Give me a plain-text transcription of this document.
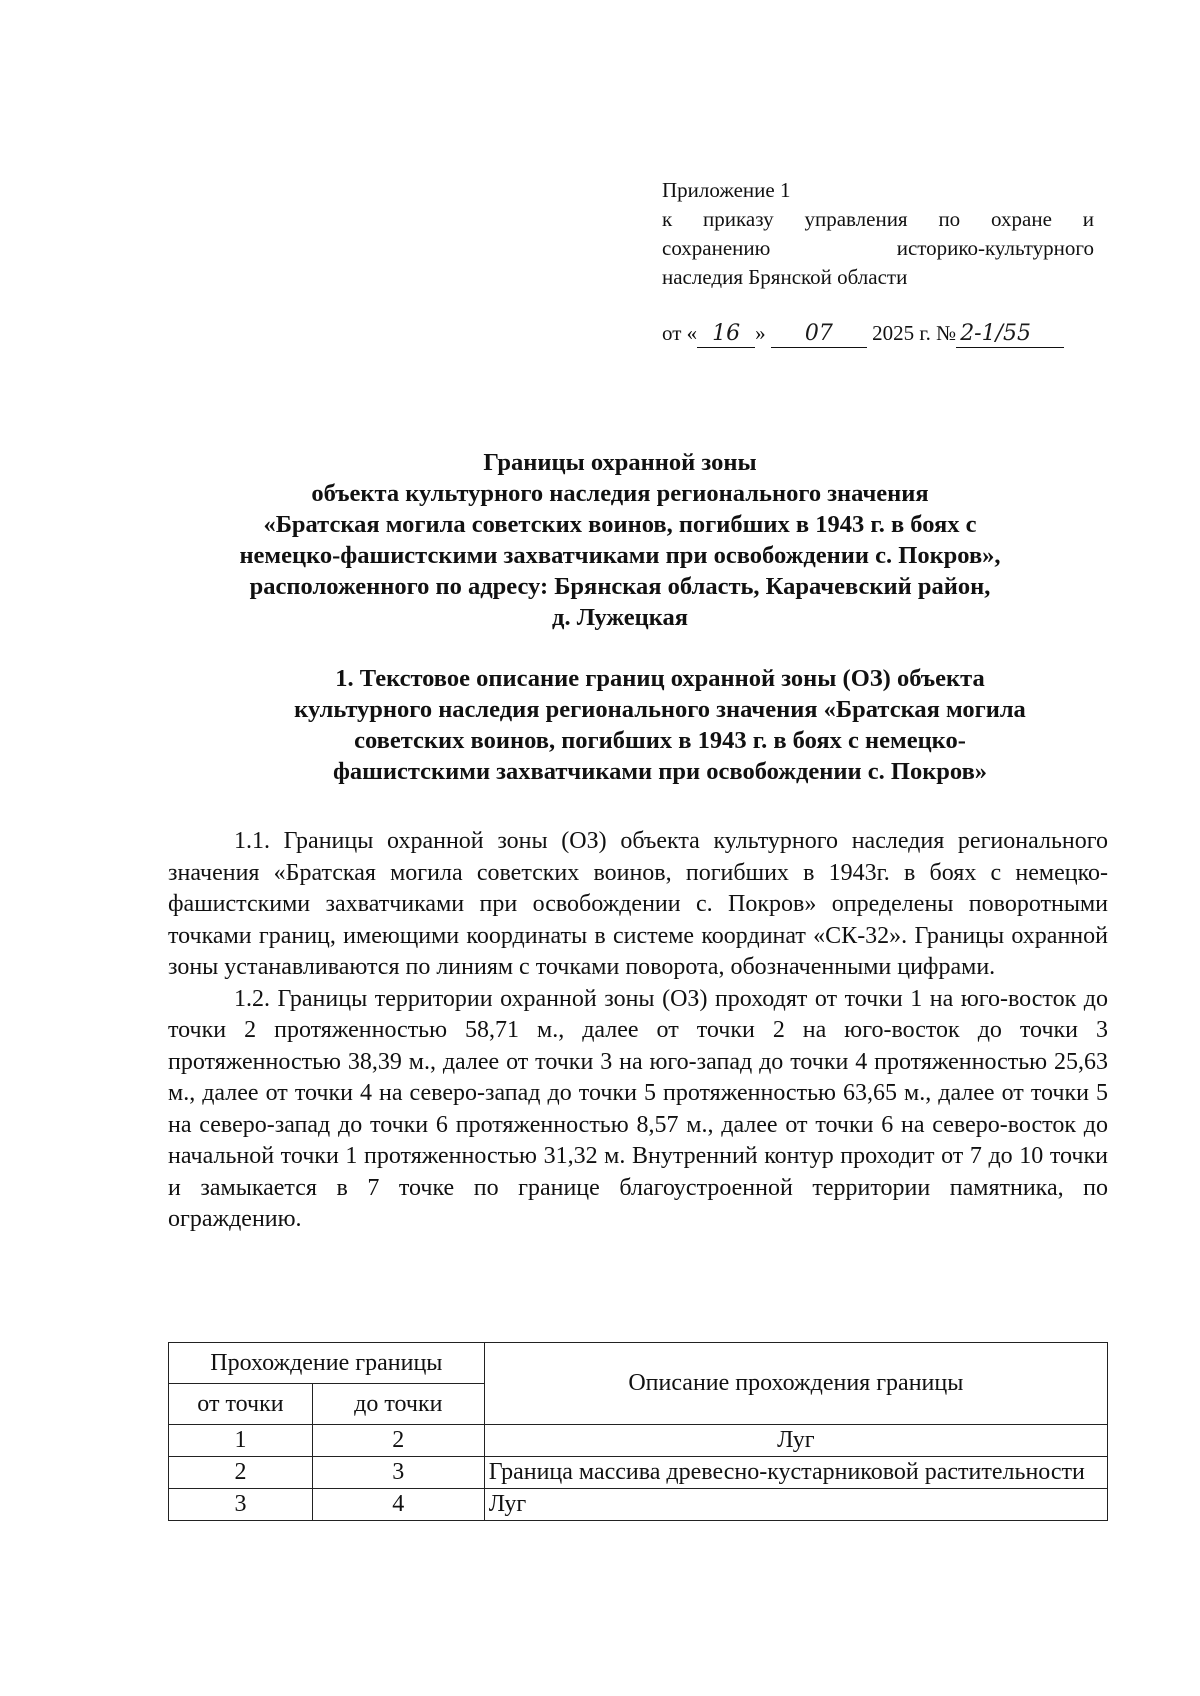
Приложение 1
к приказу управления по охране и
сохранению историко-культурного
наследия Брянской области
от « 16 » 07 2025 г. № 2-1/55
Границы охранной зоны
объекта культурного наследия регионального значения
«Братская могила советских воинов, погибших в 1943 г. в боях с
немецко-фашистскими захватчиками при освобождении с. Покров»,
расположенного по адресу: Брянская область, Карачевский район,
д. Лужецкая
1. Текстовое описание границ охранной зоны (ОЗ) объекта
культурного наследия регионального значения «Братская могила
советских воинов, погибших в 1943 г. в боях с немецко-
фашистскими захватчиками при освобождении с. Покров»

1.1. Границы охранной зоны (ОЗ) объекта культурного наследия регионального значения «Братская могила советских воинов, погибших в 1943г. в боях с немецко-фашистскими захватчиками при освобождении с. Покров» определены поворотными точками границ, имеющими координаты в системе координат «СК-32». Границы охранной зоны устанавливаются по линиям с точками поворота, обозначенными цифрами.

1.2. Границы территории охранной зоны (ОЗ) проходят от точки 1 на юго-восток до точки 2 протяженностью 58,71 м., далее от точки 2 на юго-восток до точки 3 протяженностью 38,39 м., далее от точки 3 на юго-запад до точки 4 протяженностью 25,63 м., далее от точки 4 на северо-запад до точки 5 протяженностью 63,65 м., далее от точки 5 на северо-запад до точки 6 протяженностью 8,57 м., далее от точки 6 на северо-восток до начальной точки 1 протяженностью 31,32 м. Внутренний контур проходит от 7 до 10 точки и замыкается в 7 точке по границе благоустроенной территории памятника, по ограждению.

Прохождение границы		Описание прохождения границы
от точки	до точки	
1	2	Луг
2	3	Граница массива древесно-кустарниковой растительности
3	4	Луг
